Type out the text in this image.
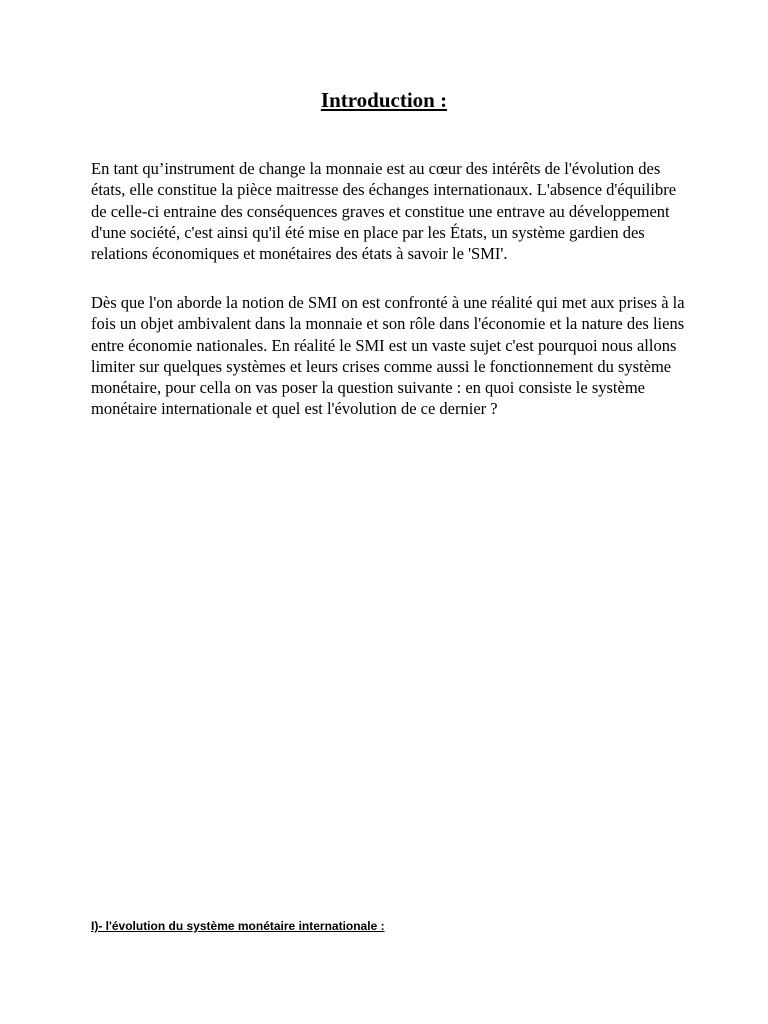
Introduction :

En tant qu’instrument de change la monnaie est au cœur des intérêts de l'évolution des états, elle constitue la pièce maitresse des échanges internationaux. L'absence d'équilibre de celle-ci entraine des conséquences graves et constitue une entrave au développement d'une société, c'est ainsi qu'il été mise en place par les États, un système gardien des relations économiques et monétaires des états à savoir le 'SMI'.

Dès que l'on aborde la notion de SMI on est confronté à une réalité qui met aux prises à la fois un objet ambivalent dans la monnaie et son rôle dans l'économie et la nature des liens entre économie nationales. En réalité le SMI est un vaste sujet c'est pourquoi nous allons limiter sur quelques systèmes et leurs crises comme aussi le fonctionnement du système monétaire, pour cella on vas poser la question suivante : en quoi consiste le système monétaire internationale et quel est l'évolution de ce dernier ?

I)- l'évolution du système monétaire internationale :
